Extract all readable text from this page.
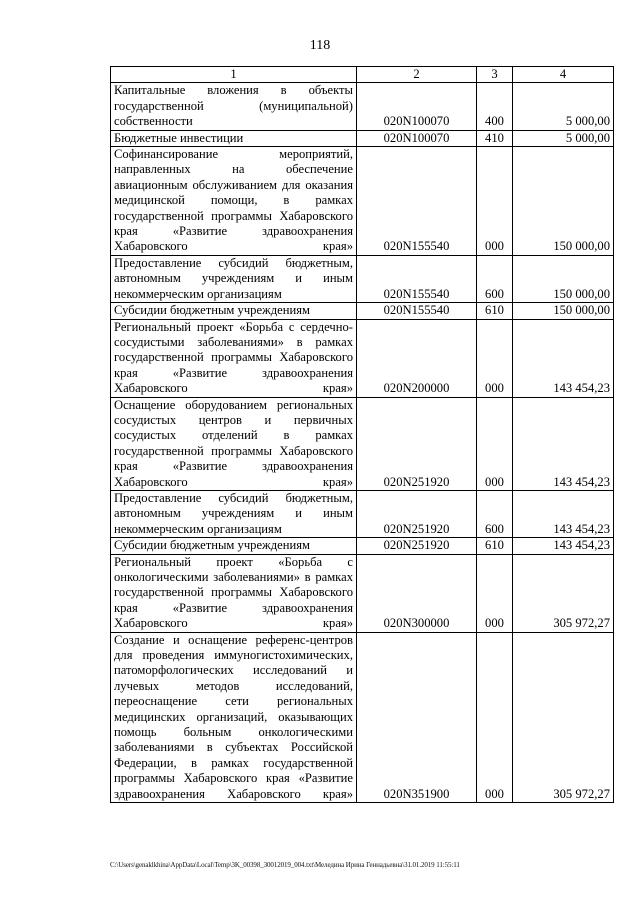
118
1	2	3	4
Капитальные вложения в объекты государственной (муниципальной) собственности	020N100070	400	5 000,00
Бюджетные инвестиции	020N100070	410	5 000,00
Софинансирование мероприятий, направленных на обеспечение авиационным обслуживанием для оказания медицинской помощи, в рамках государственной программы Хабаровского края «Развитие здравоохранения Хабаровского края»	020N155540	000	150 000,00
Предоставление субсидий бюджетным, автономным учреждениям и иным некоммерческим организациям	020N155540	600	150 000,00
Субсидии бюджетным учреждениям	020N155540	610	150 000,00
Региональный проект «Борьба с сердечно-сосудистыми заболеваниями» в рамках государственной программы Хабаровского края «Развитие здравоохранения Хабаровского края»	020N200000	000	143 454,23
Оснащение оборудованием региональных сосудистых центров и первичных сосудистых отделений в рамках государственной программы Хабаровского края «Развитие здравоохранения Хабаровского края»	020N251920	000	143 454,23
Предоставление субсидий бюджетным, автономным учреждениям и иным некоммерческим организациям	020N251920	600	143 454,23
Субсидии бюджетным учреждениям	020N251920	610	143 454,23
Региональный проект «Борьба с онкологическими заболеваниями» в рамках государственной программы Хабаровского края «Развитие здравоохранения Хабаровского края»	020N300000	000	305 972,27
Создание и оснащение референс-центров для проведения иммуногистохимических, патоморфологических исследований и лучевых методов исследований, переоснащение сети региональных медицинских организаций, оказывающих помощь больным онкологическими заболеваниями в субъектах Российской Федерации, в рамках государственной программы Хабаровского края «Развитие здравоохранения Хабаровского края»	020N351900	000	305 972,27
C:\Users\genaklkhina\AppData\Local\Temp\3K_00398_30012019_004.txt\Меледина Ирина Геннадьевна\31.01.2019 11:55:11
